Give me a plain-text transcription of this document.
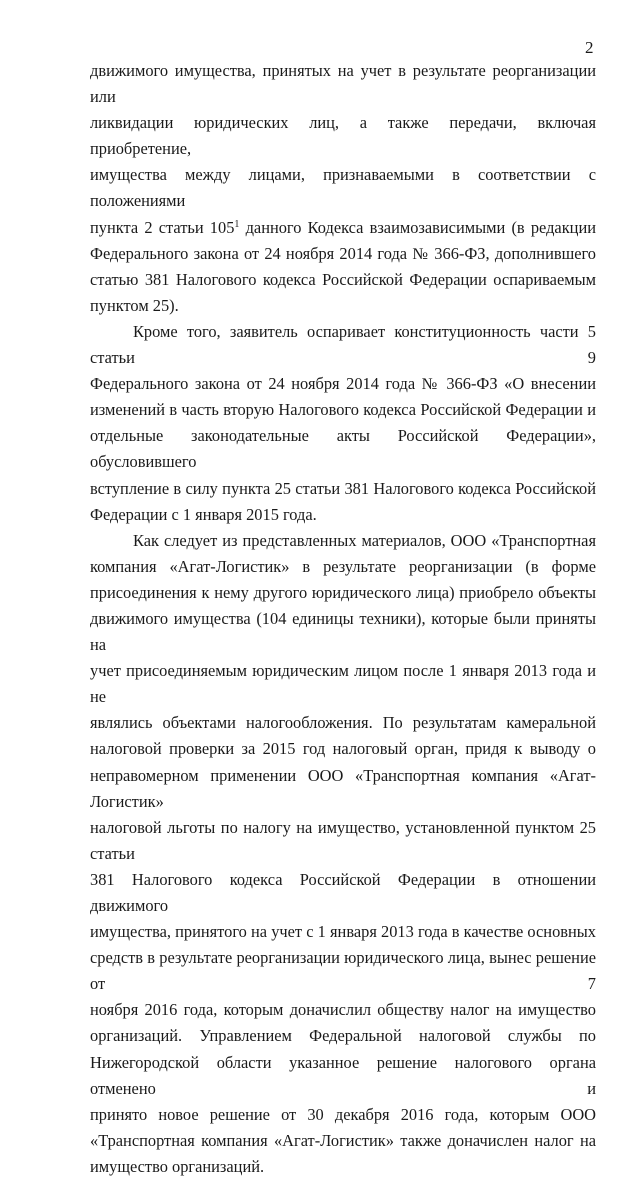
2

движимого имущества, принятых на учет в результате реорганизации или

ликвидации юридических лиц, а также передачи, включая приобретение,

имущества между лицами, признаваемыми в соответствии с положениями

пункта 2 статьи $105^1$ данного Кодекса взаимозависимыми (в редакции

Федерального закона от 24 ноября 2014 года № 366-ФЗ, дополнившего

статью 381 Налогового кодекса Российской Федерации оспариваемым

пунктом 25).

Кроме того, заявитель оспаривает конституционность части 5 статьи 9

Федерального закона от 24 ноября 2014 года № 366-ФЗ «О внесении

изменений в часть вторую Налогового кодекса Российской Федерации и

отдельные законодательные акты Российской Федерации», обусловившего

вступление в силу пункта 25 статьи 381 Налогового кодекса Российской

Федерации с 1 января 2015 года.

Как следует из представленных материалов, ООО «Транспортная

компания «Агат-Логистик» в результате реорганизации (в форме

присоединения к нему другого юридического лица) приобрело объекты

движимого имущества (104 единицы техники), которые были приняты на

учет присоединяемым юридическим лицом после 1 января 2013 года и не

являлись объектами налогообложения. По результатам камеральной

налоговой проверки за 2015 год налоговый орган, придя к выводу о

неправомерном применении ООО «Транспортная компания «Агат-Логистик»

налоговой льготы по налогу на имущество, установленной пунктом 25 статьи

381 Налогового кодекса Российской Федерации в отношении движимого

имущества, принятого на учет с 1 января 2013 года в качестве основных

средств в результате реорганизации юридического лица, вынес решение от 7

ноября 2016 года, которым доначислил обществу налог на имущество

организаций. Управлением Федеральной налоговой службы по

Нижегородской области указанное решение налогового органа отменено и

принято новое решение от 30 декабря 2016 года, которым ООО

«Транспортная компания «Агат-Логистик» также доначислен налог на

имущество организаций.
